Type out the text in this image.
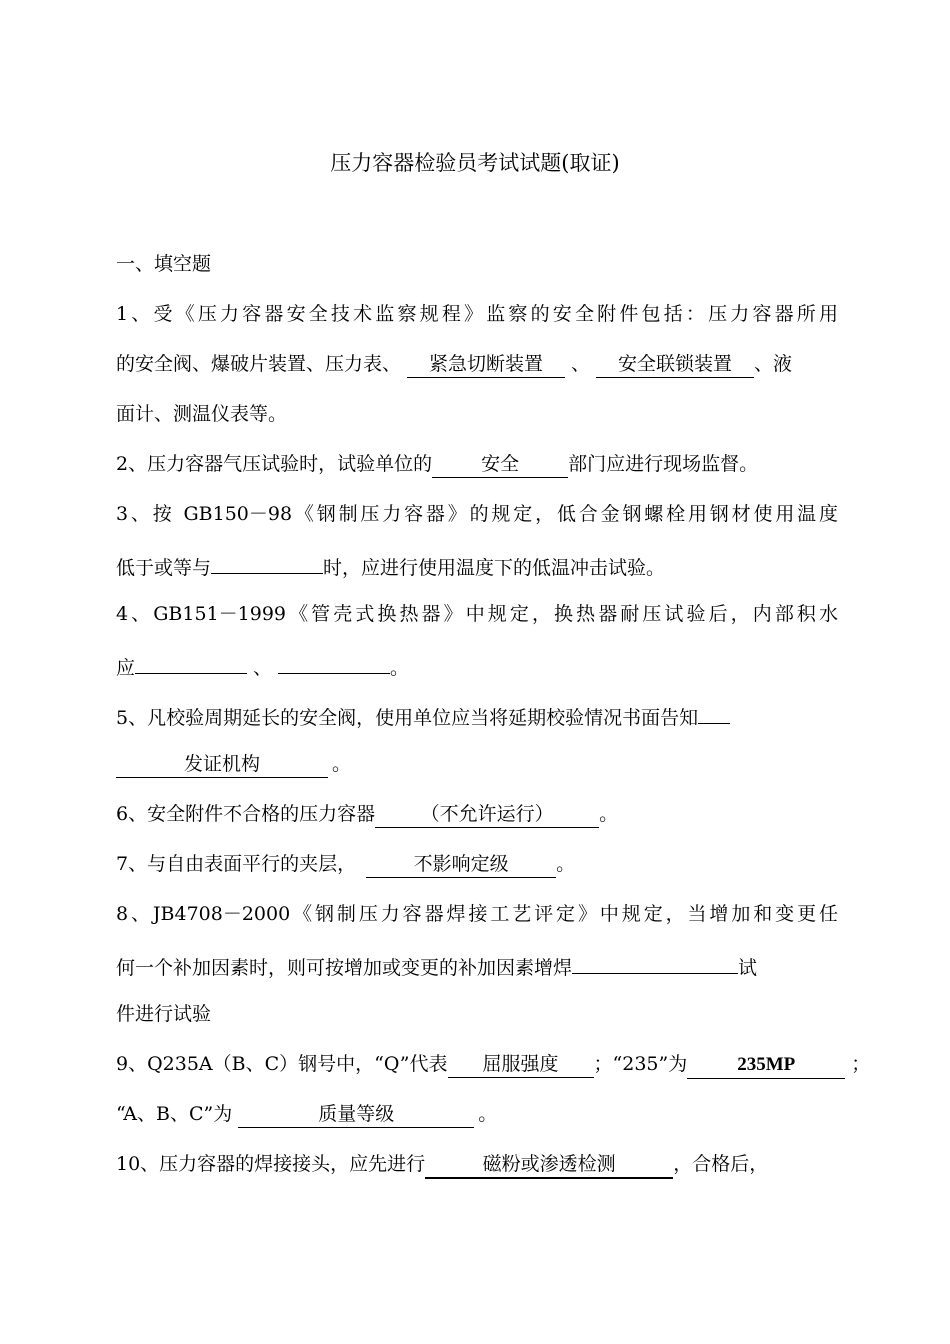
压力容器检验员考试试题(取证)
一、填空题
1、受《压力容器安全技术监察规程》监察的安全附件包括：压力容器所用
的安全阀、爆破片装置、压力表、 紧急切断装置 、 安全联锁装置 、液
面计、测温仪表等。
2、压力容器气压试验时，试验单位的	安全	部门应进行现场监督。
3、按 GB150－98《钢制压力容器》的规定，低合金钢螺栓用钢材使用温度
低于或等与	时，应进行使用温度下的低温冲击试验。
4、GB151－1999《管壳式换热器》中规定，换热器耐压试验后，内部积水
应	、	。
5、凡校验周期延长的安全阀，使用单位应当将延期校验情况书面告知
发证机构	。
6、安全附件不合格的压力容器 （不允许运行） 。
7、与自由表面平行的夹层，	不影响定级	。
8、JB4708－2000《钢制压力容器焊接工艺评定》中规定，当增加和变更任
何一个补加因素时，则可按增加或变更的补加因素增焊	试
件进行试验
9、Q235A（B、C）钢号中，“Q”代表 屈服强度 ；“235”为	235MP	；
“A、B、C”为	质量等级	。
10、压力容器的焊接接头，应先进行	磁粉或渗透检测	，合格后，
